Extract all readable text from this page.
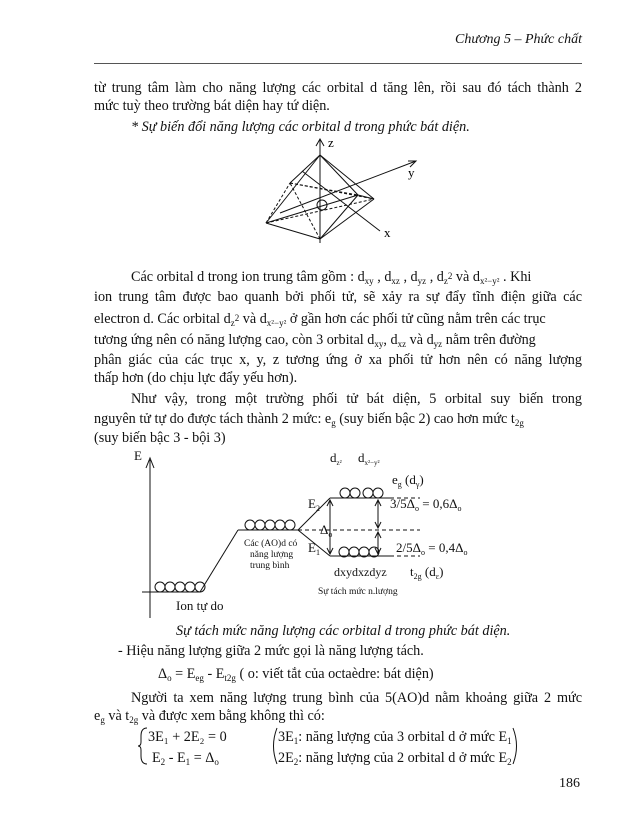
Chương 5 – Phức chất
từ trung tâm làm cho năng lượng các orbital d tăng lên, rồi sau đó tách thành 2
mức tuỳ theo trường bát diện hay tứ diện.
* Sự biến đổi năng lượng các orbital d trong phức bát diện.
z
y
x
Các orbital d trong ion trung tâm gồm : $d_{xy}$ , $d_{xz}$ , $d_{yz}$ , $d_{z^2}$ và $d_{x^2-y^2}$ . Khi
ion trung tâm được bao quanh bởi phối tử, sẽ xảy ra sự đẩy tĩnh điện giữa các
electron d. Các orbital $d_{z^2}$ và $d_{x^2-y^2}$ ở gần hơn các phối tử cũng nằm trên các trục
tương ứng nên có năng lượng cao, còn 3 orbital $d_{xy}$, $d_{xz}$ và $d_{yz}$ nằm trên đường
phân giác của các trục x, y, z tương ứng ở xa phối tử hơn nên có năng lượng
thấp hơn (do chịu lực đẩy yếu hơn).
Như vậy, trong một trường phối tử bát diện, 5 orbital suy biến trong
nguyên tử tự do được tách thành 2 mức: $e_g$ (suy biến bậc 2) cao hơn mức $t_{2g}$
(suy biến bậc 3 - bội 3)
E	$d_{z^2}$ $d_{x^2-y^2}$
$e_g$ $(d_\gamma)$
$E_2$	$3/5\Delta_o = 0,6\Delta_o$
$\Delta_o$
$E_1$	$2/5\Delta_o = 0,4\Delta_o$
dxydxzdyz $t_{2g}$ $(d_\varepsilon)$
Ion tự do
Các (AO)d có
năng lượng
trung bình
Sự tách mức n.lượng
Sự tách mức năng lượng các orbital d trong phức bát diện.
- Hiệu năng lượng giữa 2 mức gọi là năng lượng tách.
$\Delta_o = E_{eg} - E_{t2g}$ ( o: viết tắt của octaèdre: bát diện)
Người ta xem năng lượng trung bình của 5(AO)d nằm khoảng giữa 2 mức
$e_g$ và $t_{2g}$ và được xem bằng không thì có:
3E₁ + 2E₂ = 0
$E_2 - E_1 = \Delta_o$
$3E_1$: năng lượng của 3 orbital d ở mức $E_1$
$2E_2$: năng lượng của 2 orbital d ở mức $E_2$
186
